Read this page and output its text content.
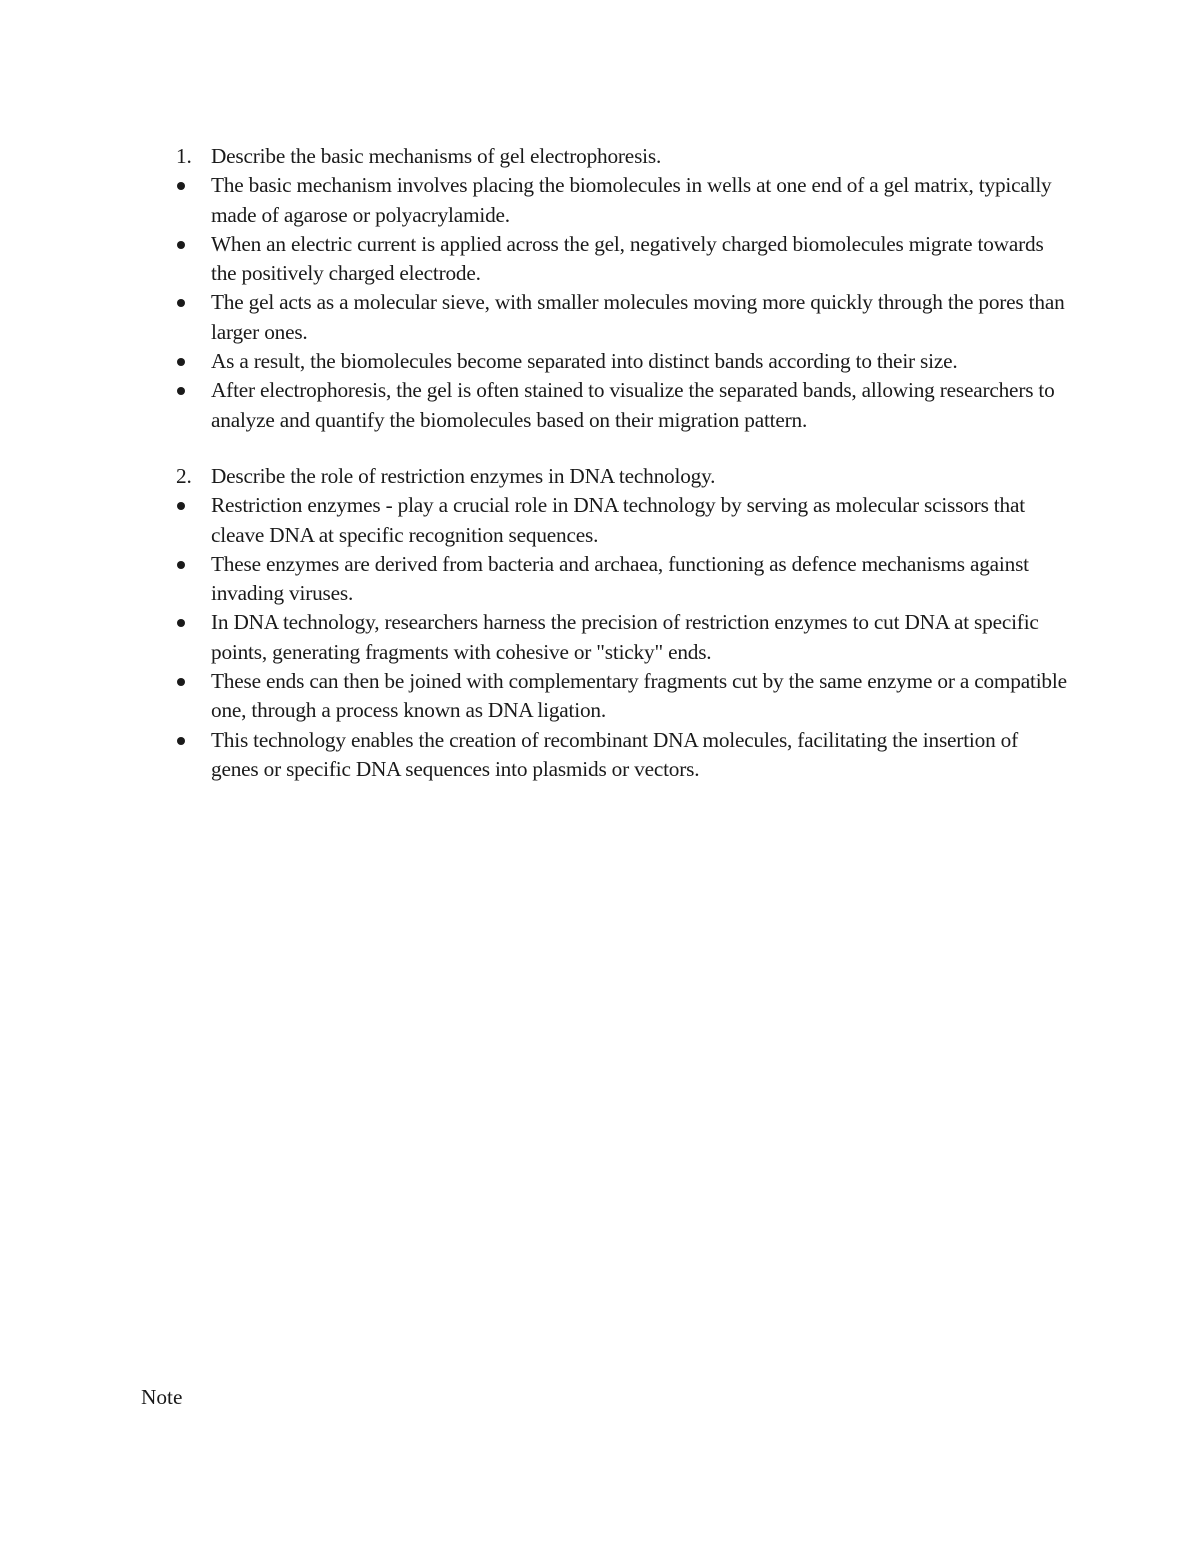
1. Describe the basic mechanisms of gel electrophoresis.
The basic mechanism involves placing the biomolecules in wells at one end of a gel matrix, typically made of agarose or polyacrylamide.
When an electric current is applied across the gel, negatively charged biomolecules migrate towards the positively charged electrode.
The gel acts as a molecular sieve, with smaller molecules moving more quickly through the pores than larger ones.
As a result, the biomolecules become separated into distinct bands according to their size.
After electrophoresis, the gel is often stained to visualize the separated bands, allowing researchers to analyze and quantify the biomolecules based on their migration pattern.
2. Describe the role of restriction enzymes in DNA technology.
Restriction enzymes - play a crucial role in DNA technology by serving as molecular scissors that cleave DNA at specific recognition sequences.
These enzymes are derived from bacteria and archaea, functioning as defence mechanisms against invading viruses.
In DNA technology, researchers harness the precision of restriction enzymes to cut DNA at specific points, generating fragments with cohesive or "sticky" ends.
These ends can then be joined with complementary fragments cut by the same enzyme or a compatible one, through a process known as DNA ligation.
This technology enables the creation of recombinant DNA molecules, facilitating the insertion of genes or specific DNA sequences into plasmids or vectors.
Note
